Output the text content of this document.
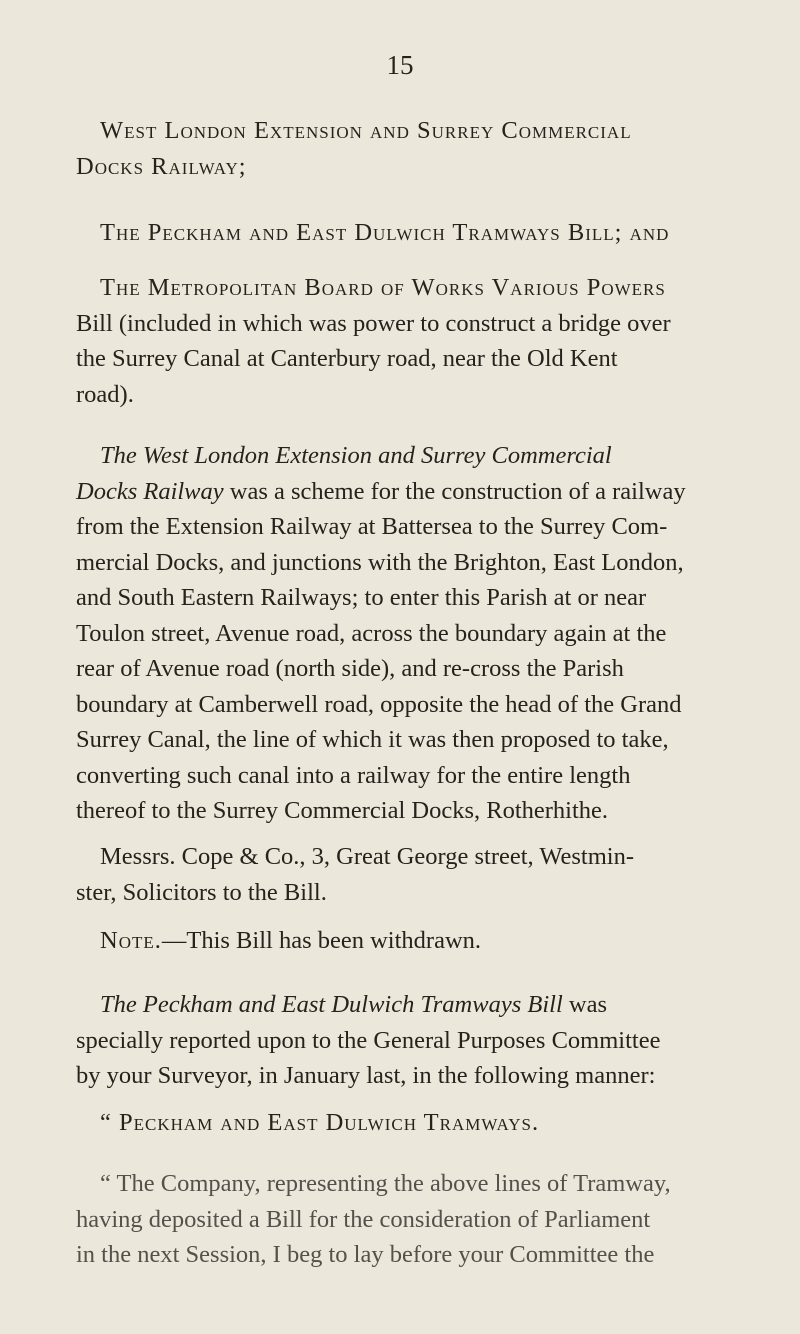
15

West London Extension and Surrey Commercial
Docks Railway;

The Peckham and East Dulwich Tramways Bill; and

The Metropolitan Board of Works Various Powers
Bill (included in which was power to construct a bridge over
the Surrey Canal at Canterbury road, near the Old Kent
road).

The West London Extension and Surrey Commercial
Docks Railway was a scheme for the construction of a railway
from the Extension Railway at Battersea to the Surrey Com-
mercial Docks, and junctions with the Brighton, East London,
and South Eastern Railways; to enter this Parish at or near
Toulon street, Avenue road, across the boundary again at the
rear of Avenue road (north side), and re-cross the Parish
boundary at Camberwell road, opposite the head of the Grand
Surrey Canal, the line of which it was then proposed to take,
converting such canal into a railway for the entire length
thereof to the Surrey Commercial Docks, Rotherhithe.

Messrs. Cope & Co., 3, Great George street, Westmin-
ster, Solicitors to the Bill.

Note.—This Bill has been withdrawn.

The Peckham and East Dulwich Tramways Bill was
specially reported upon to the General Purposes Committee
by your Surveyor, in January last, in the following manner:

“ Peckham and East Dulwich Tramways.

“ The Company, representing the above lines of Tramway,
having deposited a Bill for the consideration of Parliament
in the next Session, I beg to lay before your Committee the
